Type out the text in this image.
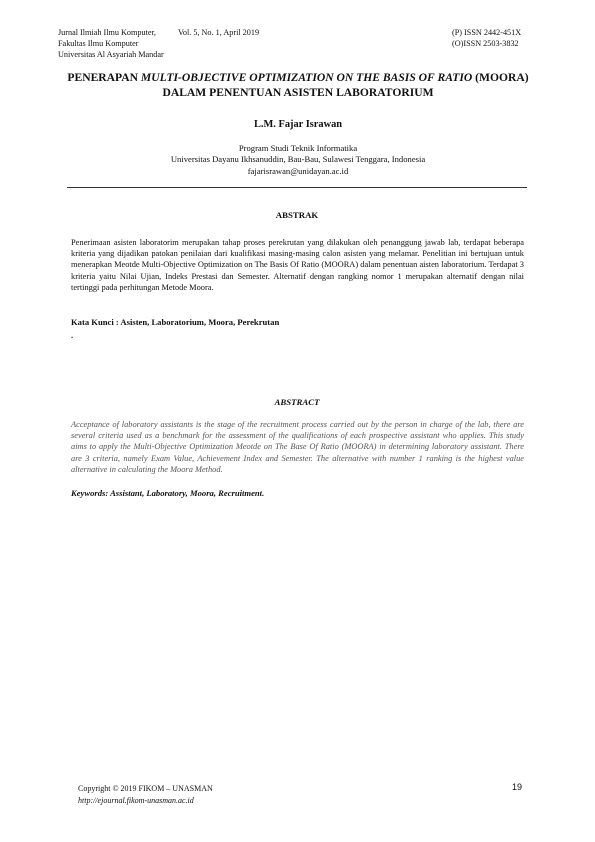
Jurnal Ilmiah Ilmu Komputer,
Fakultas Ilmu Komputer
Universitas Al Asyariah Mandar
Vol. 5, No. 1, April 2019	(P) ISSN 2442-451X
(O)ISSN 2503-3832
PENERAPAN MULTI-OBJECTIVE OPTIMIZATION ON THE BASIS OF RATIO (MOORA) DALAM PENENTUAN ASISTEN LABORATORIUM
L.M. Fajar Israwan
Program Studi Teknik Informatika
Universitas Dayanu Ikhsanuddin, Bau-Bau, Sulawesi Tenggara, Indonesia
fajarisrawan@unidayan.ac.id
ABSTRAK
Penerimaan asisten laboratorim merupakan tahap proses perekrutan yang dilakukan oleh penanggung jawab lab, terdapat beberapa kriteria yang dijadikan patokan penilaian dari kualifikasi masing-masing calon asisten yang melamar. Penelitian ini bertujuan untuk menerapkan Meotde Multi-Objective Optimization on The Basis Of Ratio (MOORA) dalam penentuan aisten laboratorium. Terdapat 3 kriteria yaitu Nilai Ujian, Indeks Prestasi dan Semester. Alternatif dengan rangking nomor 1 merupakan alternatif dengan nilai tertinggi pada perhitungan Metode Moora.
Kata Kunci : Asisten, Laboratorium, Moora, Perekrutan
.
ABSTRACT
Acceptance of laboratory assistants is the stage of the recruitment process carried out by the person in charge of the lab, there are several criteria used as a benchmark for the assessment of the qualifications of each prospective assistant who applies. This study aims to apply the Multi-Objective Optimization Meotde on The Base Of Ratio (MOORA) in determining laboratory assistant. There are 3 criteria, namely Exam Value, Achievement Index and Semester. The alternative with number 1 ranking is the highest value alternative in calculating the Moora Method.
Keywords: Assistant, Laboratory, Moora, Recruitment.
Copyright © 2019 FIKOM – UNASMAN
http://ejournal.fikom-unasman.ac.id
19
